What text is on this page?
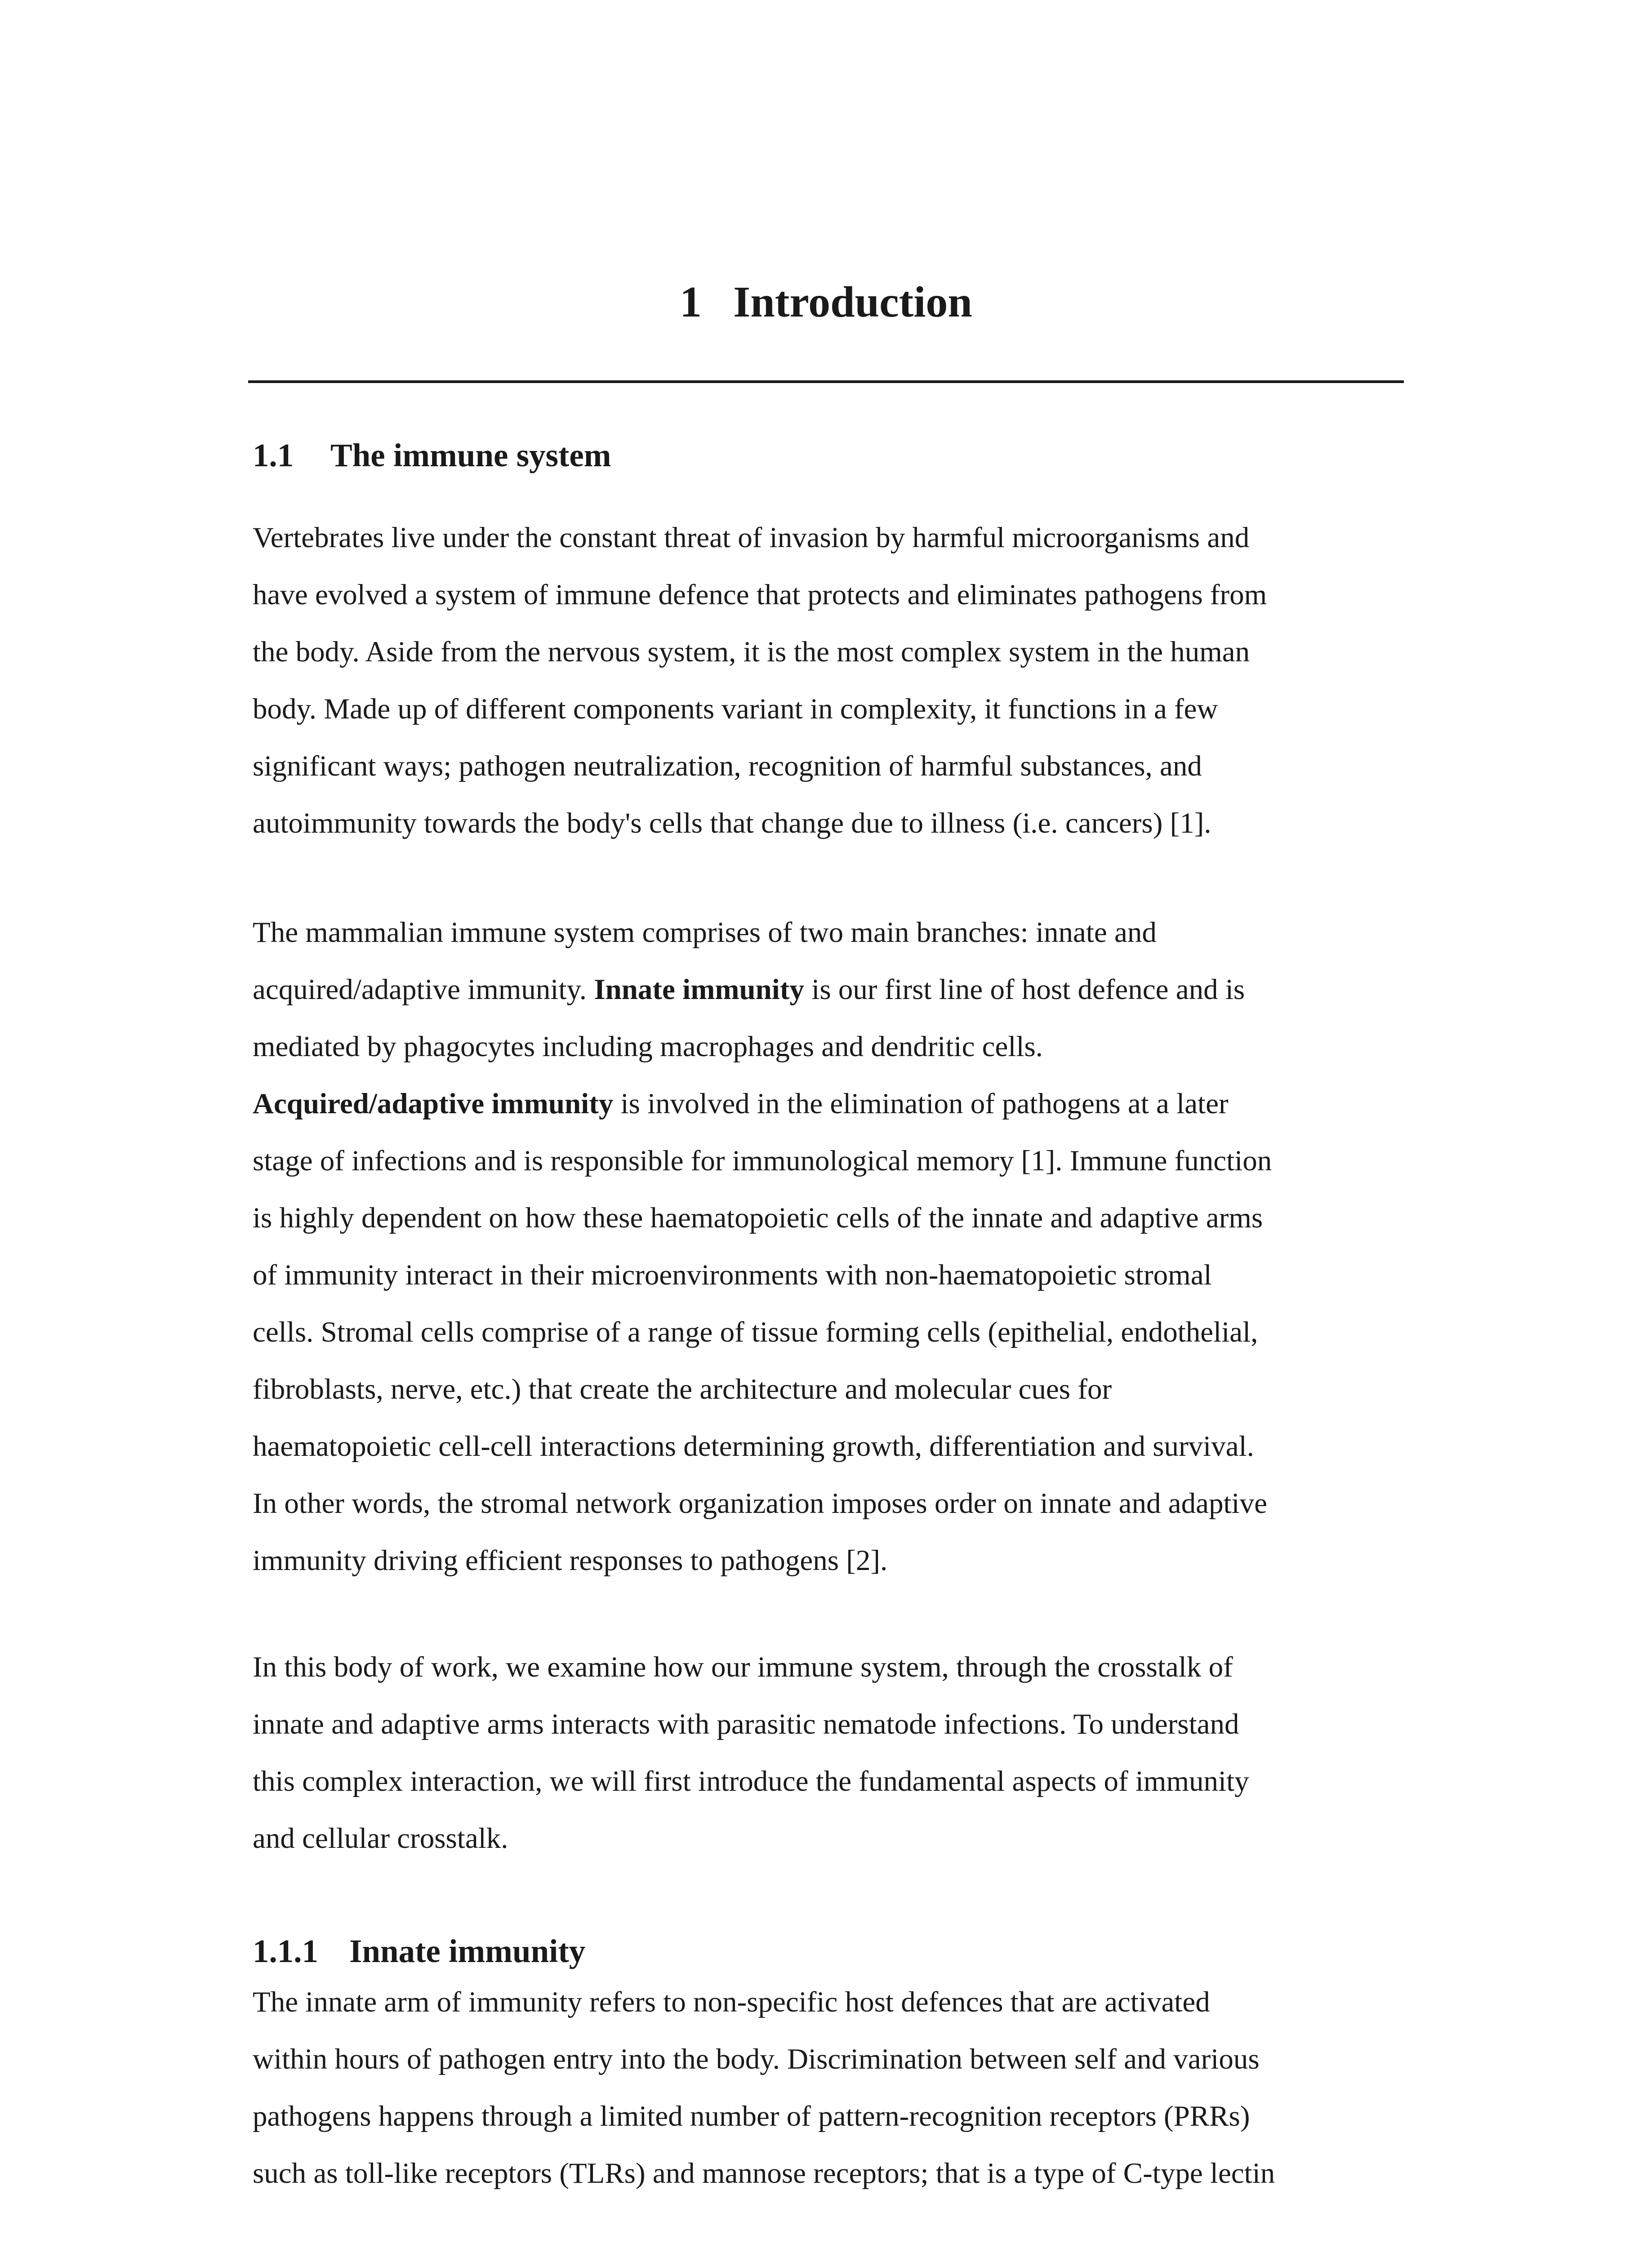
1 Introduction
1.1 The immune system
Vertebrates live under the constant threat of invasion by harmful microorganisms and
have evolved a system of immune defence that protects and eliminates pathogens from
the body. Aside from the nervous system, it is the most complex system in the human
body. Made up of different components variant in complexity, it functions in a few
significant ways; pathogen neutralization, recognition of harmful substances, and
autoimmunity towards the body's cells that change due to illness (i.e. cancers) [1].
The mammalian immune system comprises of two main branches: innate and
acquired/adaptive immunity. Innate immunity is our first line of host defence and is
mediated by phagocytes including macrophages and dendritic cells.
Acquired/adaptive immunity is involved in the elimination of pathogens at a later
stage of infections and is responsible for immunological memory [1]. Immune function
is highly dependent on how these haematopoietic cells of the innate and adaptive arms
of immunity interact in their microenvironments with non-haematopoietic stromal
cells. Stromal cells comprise of a range of tissue forming cells (epithelial, endothelial,
fibroblasts, nerve, etc.) that create the architecture and molecular cues for
haematopoietic cell-cell interactions determining growth, differentiation and survival.
In other words, the stromal network organization imposes order on innate and adaptive
immunity driving efficient responses to pathogens [2].
In this body of work, we examine how our immune system, through the crosstalk of
innate and adaptive arms interacts with parasitic nematode infections. To understand
this complex interaction, we will first introduce the fundamental aspects of immunity
and cellular crosstalk.
1.1.1 Innate immunity
The innate arm of immunity refers to non-specific host defences that are activated
within hours of pathogen entry into the body. Discrimination between self and various
pathogens happens through a limited number of pattern-recognition receptors (PRRs)
such as toll-like receptors (TLRs) and mannose receptors; that is a type of C-type lectin
